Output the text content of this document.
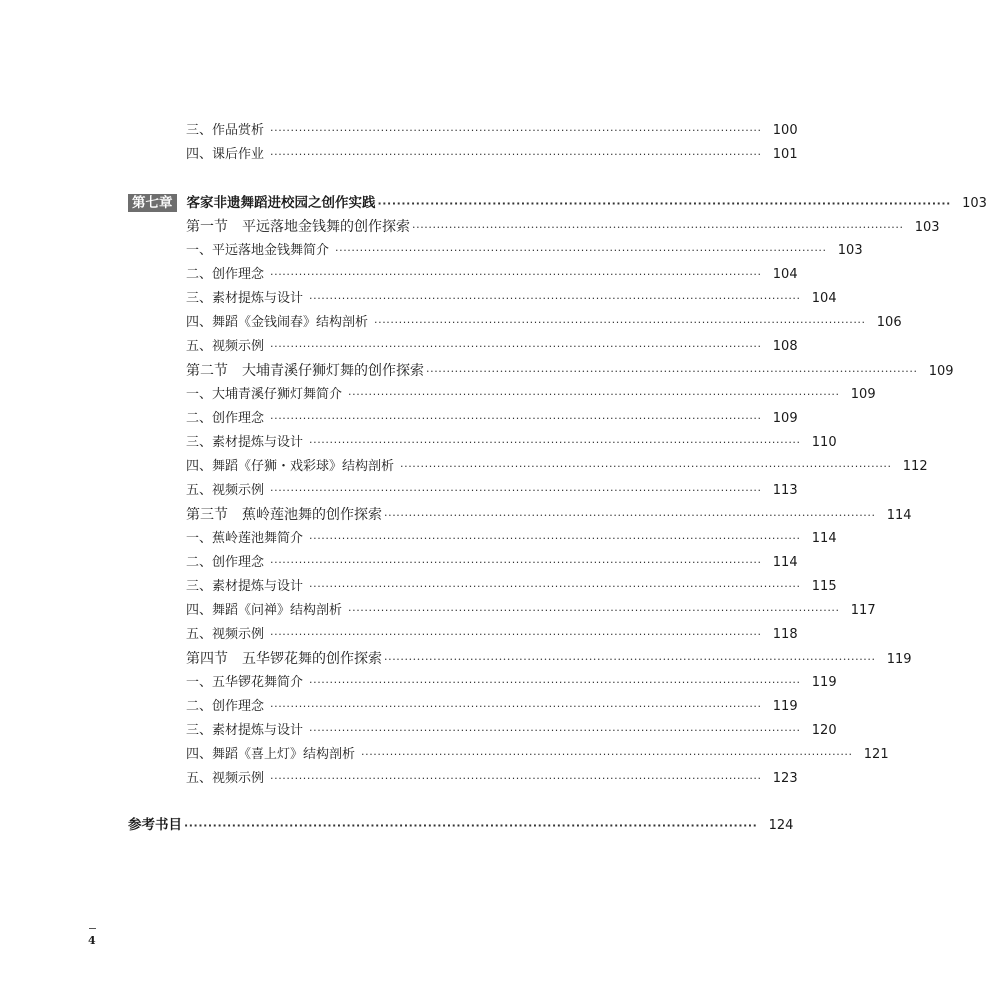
三、作品赏析 ························································································································ 100
四、课后作业 ························································································································ 101
第七章 客家非遗舞蹈进校园之创作实践 ························································································································ 103
第一节 平远落地金钱舞的创作探索 ························································································································ 103
一、平远落地金钱舞简介 ························································································································ 103
二、创作理念 ························································································································ 104
三、素材提炼与设计 ························································································································ 104
四、舞蹈《金钱闹春》结构剖析 ························································································································ 106
五、视频示例 ························································································································ 108
第二节 大埔青溪仔狮灯舞的创作探索 ························································································································ 109
一、大埔青溪仔狮灯舞简介 ························································································································ 109
二、创作理念 ························································································································ 109
三、素材提炼与设计 ························································································································ 110
四、舞蹈《仔狮・戏彩球》结构剖析 ························································································································ 112
五、视频示例 ························································································································ 113
第三节 蕉岭莲池舞的创作探索 ························································································································ 114
一、蕉岭莲池舞简介 ························································································································ 114
二、创作理念 ························································································································ 114
三、素材提炼与设计 ························································································································ 115
四、舞蹈《问禅》结构剖析 ························································································································ 117
五、视频示例 ························································································································ 118
第四节 五华锣花舞的创作探索 ························································································································ 119
一、五华锣花舞简介 ························································································································ 119
二、创作理念 ························································································································ 119
三、素材提炼与设计 ························································································································ 120
四、舞蹈《喜上灯》结构剖析 ························································································································ 121
五、视频示例 ························································································································ 123
参考书目 ························································································································ 124
4
